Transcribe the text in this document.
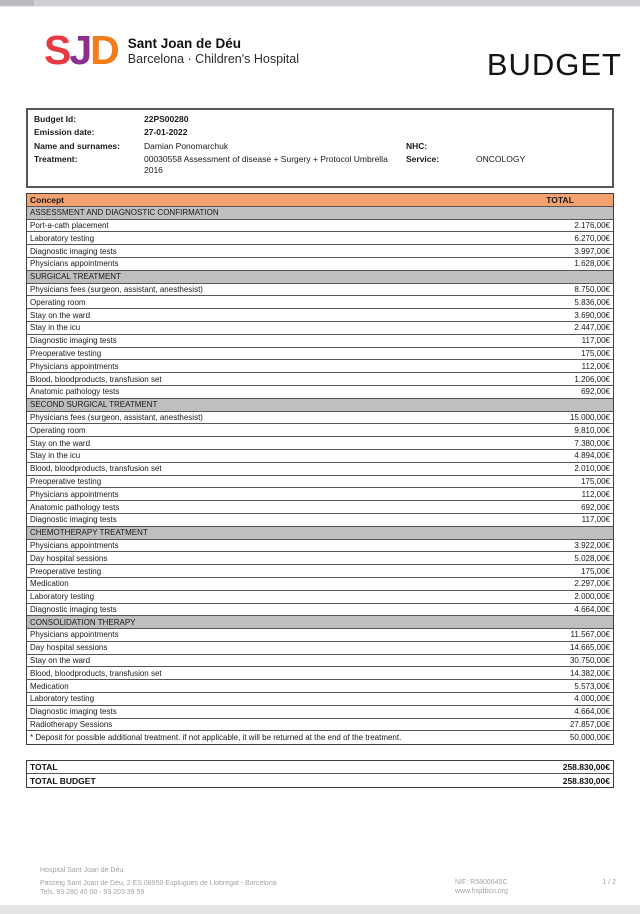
SJD Sant Joan de Déu
Barcelona · Children's Hospital	BUDGET
Budget Id:	22PS00280
Emission date:	27-01-2022
Name and surnames:	Damian Ponomarchuk	NHC:
Treatment:	00030558 Assessment of disease + Surgery + Protocol Umbrella 2016
Service:	ONCOLOGY
Concept	TOTAL
ASSESSMENT AND DIAGNOSTIC CONFIRMATION
Port-a-cath placement	2.176,00€
Laboratory testing	6.270,00€
Diagnostic imaging tests	3.997,00€
Physicians appointments	1.628,00€
SURGICAL TREATMENT
Physicians fees (surgeon, assistant, anesthesist)	8.750,00€
Operating room	5.836,00€
Stay on the ward	3.690,00€
Stay in the icu	2.447,00€
Diagnostic imaging tests	117,00€
Preoperative testing	175,00€
Physicians appointments	112,00€
Blood, bloodproducts, transfusion set	1.206,00€
Anatomic pathology tests	692,00€
SECOND SURGICAL TREATMENT
Physicians fees (surgeon, assistant, anesthesist)	15.000,00€
Operating room	9.810,00€
Stay on the ward	7.380,00€
Stay in the icu	4.894,00€
Blood, bloodproducts, transfusion set	2.010,00€
Preoperative testing	175,00€
Physicians appointments	112,00€
Anatomic pathology tests	692,00€
Diagnostic imaging tests	117,00€
CHEMOTHERAPY TREATMENT
Physicians appointments	3.922,00€
Day hospital sessions	5.028,00€
Preoperative testing	175,00€
Medication	2.297,00€
Laboratory testing	2.000,00€
Diagnostic imaging tests	4.664,00€
CONSOLIDATION THERAPY
Physicians appointments	11.567,00€
Day hospital sessions	14.665,00€
Stay on the ward	30.750,00€
Blood, bloodproducts, transfusion set	14.382,00€
Medication	5.573,00€
Laboratory testing	4.000,00€
Diagnostic imaging tests	4.664,00€
Radiotherapy Sessions	27.857,00€
* Deposit for possible additional treatment. if not applicable, it will be returned at the end of the treatment.	50.000,00€
TOTAL	258.830,00€
TOTAL BUDGET	258.830,00€
Hospital Sant Joan de Déu
Passeig Sant Joan de Déu, 2 ES 08950 Esplugues de Llobregat - Barcelona
Tels. 93 280 40 00 - 93 203 39 59
NIF: R5800645C
www.hsjdbcn.org
1 / 2
